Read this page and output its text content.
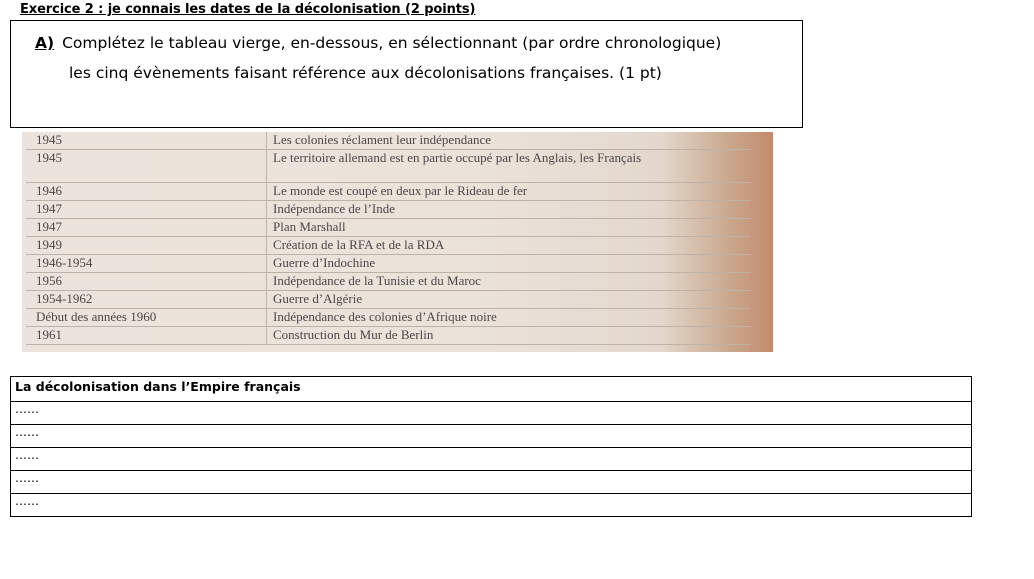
Exercice 2 : je connais les dates de la décolonisation (2 points)
A) Complétez le tableau vierge, en-dessous, en sélectionnant (par ordre chronologique)
les cinq évènements faisant référence aux décolonisations françaises. (1 pt)
1945	Les colonies réclament leur indépendance
1945	Le territoire allemand est en partie occupé par les Anglais, les Français
1946	Le monde est coupé en deux par le Rideau de fer
1947	Indépendance de l’Inde
1947	Plan Marshall
1949	Création de la RFA et de la RDA
1946-1954	Guerre d’Indochine
1956	Indépendance de la Tunisie et du Maroc
1954-1962	Guerre d’Algérie
Début des années 1960	Indépendance des colonies d’Afrique noire
1961	Construction du Mur de Berlin
La décolonisation dans l’Empire français
……
……
……
……
……
